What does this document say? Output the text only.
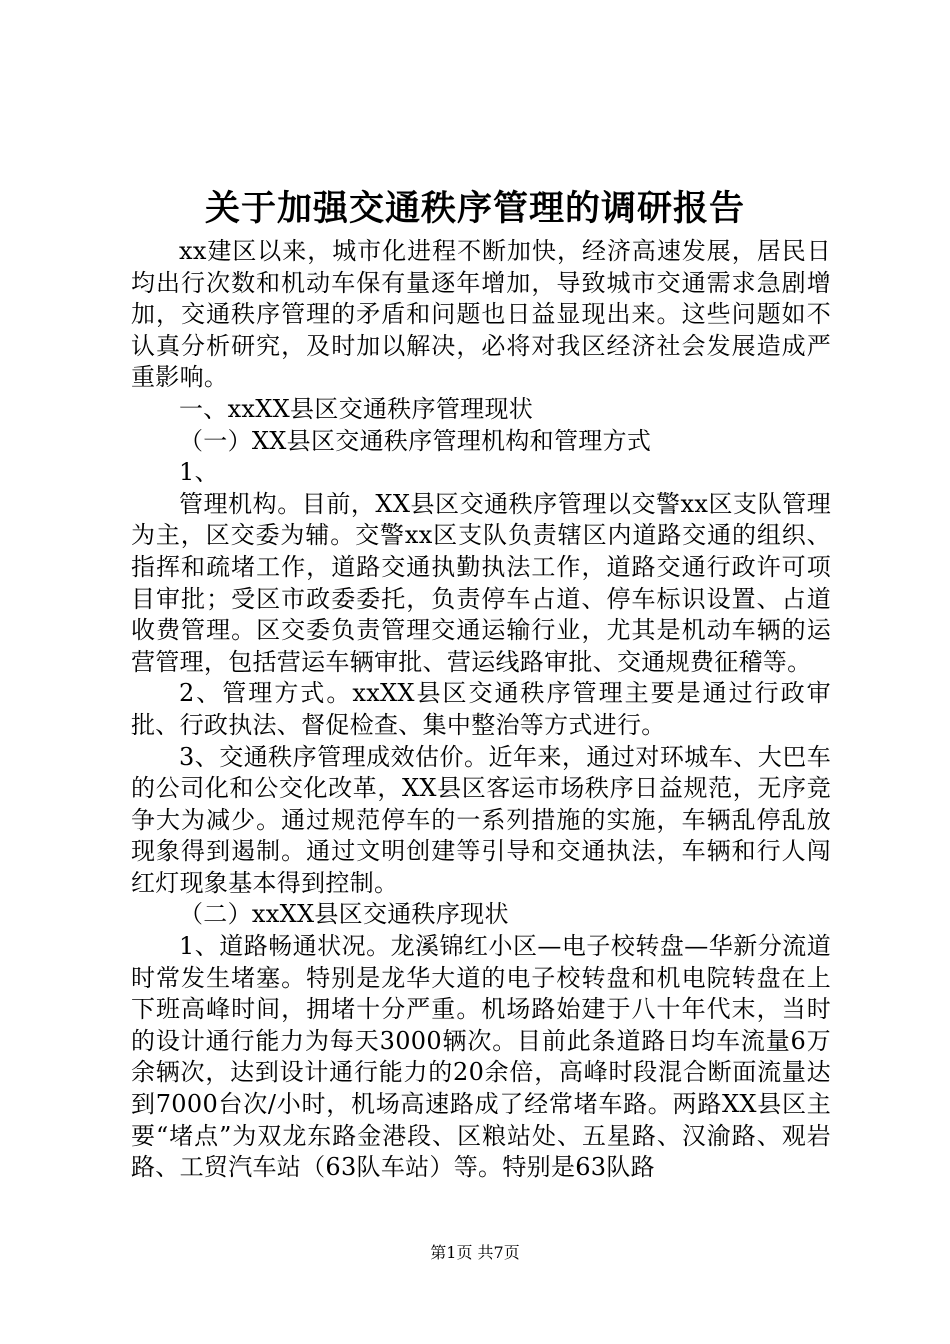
关于加强交通秩序管理的调研报告

xx建区以来，城市化进程不断加快，经济高速发展，居民日均出行次数和机动车保有量逐年增加，导致城市交通需求急剧增加，交通秩序管理的矛盾和问题也日益显现出来。这些问题如不认真分析研究，及时加以解决，必将对我区经济社会发展造成严重影响。

一、xxXX县区交通秩序管理现状

（一）XX县区交通秩序管理机构和管理方式

1、

管理机构。目前，XX县区交通秩序管理以交警xx区支队管理为主，区交委为辅。交警xx区支队负责辖区内道路交通的组织、指挥和疏堵工作，道路交通执勤执法工作，道路交通行政许可项目审批；受区市政委委托，负责停车占道、停车标识设置、占道收费管理。区交委负责管理交通运输行业，尤其是机动车辆的运营管理，包括营运车辆审批、营运线路审批、交通规费征稽等。

2、管理方式。xxXX县区交通秩序管理主要是通过行政审批、行政执法、督促检查、集中整治等方式进行。

3、交通秩序管理成效估价。近年来，通过对环城车、大巴车的公司化和公交化改革，XX县区客运市场秩序日益规范，无序竞争大为减少。通过规范停车的一系列措施的实施，车辆乱停乱放现象得到遏制。通过文明创建等引导和交通执法，车辆和行人闯红灯现象基本得到控制。

（二）xxXX县区交通秩序现状

1、道路畅通状况。龙溪锦红小区—电子校转盘—华新分流道时常发生堵塞。特别是龙华大道的电子校转盘和机电院转盘在上下班高峰时间，拥堵十分严重。机场路始建于八十年代末，当时的设计通行能力为每天3000辆次。目前此条道路日均车流量6万余辆次，达到设计通行能力的20余倍，高峰时段混合断面流量达到7000台次/小时，机场高速路成了经常堵车路。两路XX县区主要“堵点”为双龙东路金港段、区粮站处、五星路、汉渝路、观岩路、工贸汽车站（63队车站）等。特别是63队路

第1页 共7页
